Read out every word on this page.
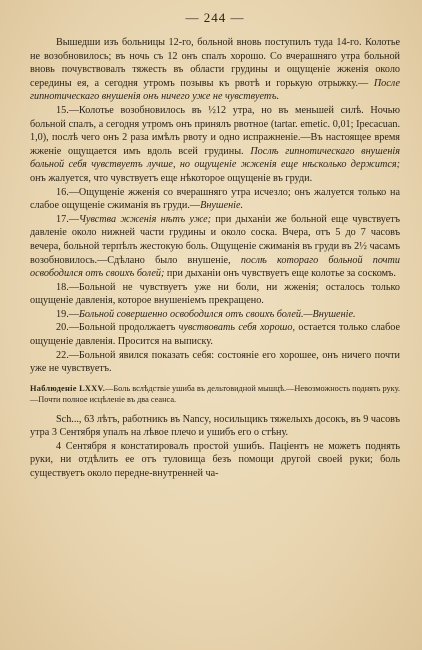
— 244 —

Вышедши изъ больницы 12-го, больной вновь поступилъ туда 14-го. Колотье не возобновилось; въ ночь съ 12 онъ спалъ хорошо. Со вчерашняго утра больной вновь почувствовалъ тяжесть въ области грудины и ощущеніе жженія около середины ея, а сегодня утромъ позывы къ рвотѣ и горькую отрыжку.— После гипнотическаго внушенія онъ ничего уже не чувствуетъ.

15.—Колотье возобновилось въ ½12 утра, но въ меньшей силѣ. Ночью больной спалъ, а сегодня утромъ онъ принялъ рвотное (tartar. emetic. 0,01; Ipecacuan. 1,0), послѣ чего онъ 2 раза имѣлъ рвоту и одно испражненіе.—Въ настоящее время жженіе ощущается имъ вдоль всей грудины. Послѣ гипнотическаго внушенія больной себя чувствуетъ лучше, но ощущеніе жженія еще нѣсколько держится; онъ жалуется, что чувствуетъ еще нѣкоторое ощущеніе въ груди.

16.—Ощущеніе жженія со вчерашняго утра исчезло; онъ жалуется только на слабое ощущеніе сжиманія въ груди.—Внушеніе.

17.—Чувства жженія нѣтъ уже; при дыханіи же больной еще чувствуетъ давленіе около нижней части грудины и около соска. Вчера, отъ 5 до 7 часовъ вечера, больной терпѣлъ жестокую боль. Ощущеніе сжиманія въ груди въ 2½ часамъ возобновилось.—Сдѣлано было внушеніе, послѣ котораго больной почти освободился отъ своихъ болей; при дыханіи онъ чувствуетъ еще колотье за соскомъ.

18.—Больной не чувствуетъ уже ни боли, ни жженія; осталось только ощущеніе давленія, которое внушеніемъ прекращено.

19.—Больной совершенно освободился отъ своихъ болей.—Внушеніе.

20.—Больной продолжаетъ чувствовать себя хорошо, остается только слабое ощущеніе давленія. Просится на выписку.

22.—Больной явился показать себя: состояніе его хорошее, онъ ничего почти уже не чувствуетъ.

Наблюденіе LXXV.—Боль вслѣдствіе ушиба въ дельтовидной мышцѣ.—Невозможность поднять руку.—Почти полное исцѣленіе въ два сеанса.

Sch..., 63 лѣтъ, работникъ въ Nancy, носильщикъ тяжелыхъ досокъ, въ 9 часовъ утра 3 Сентября упалъ на лѣвое плечо и ушибъ его о стѣну.

4 Сентября я констатировалъ простой ушибъ. Паціентъ не можетъ поднять руки, ни отдѣлить ее отъ туловища безъ помощи другой своей руки; боль существуетъ около передне-внутренней ча-
